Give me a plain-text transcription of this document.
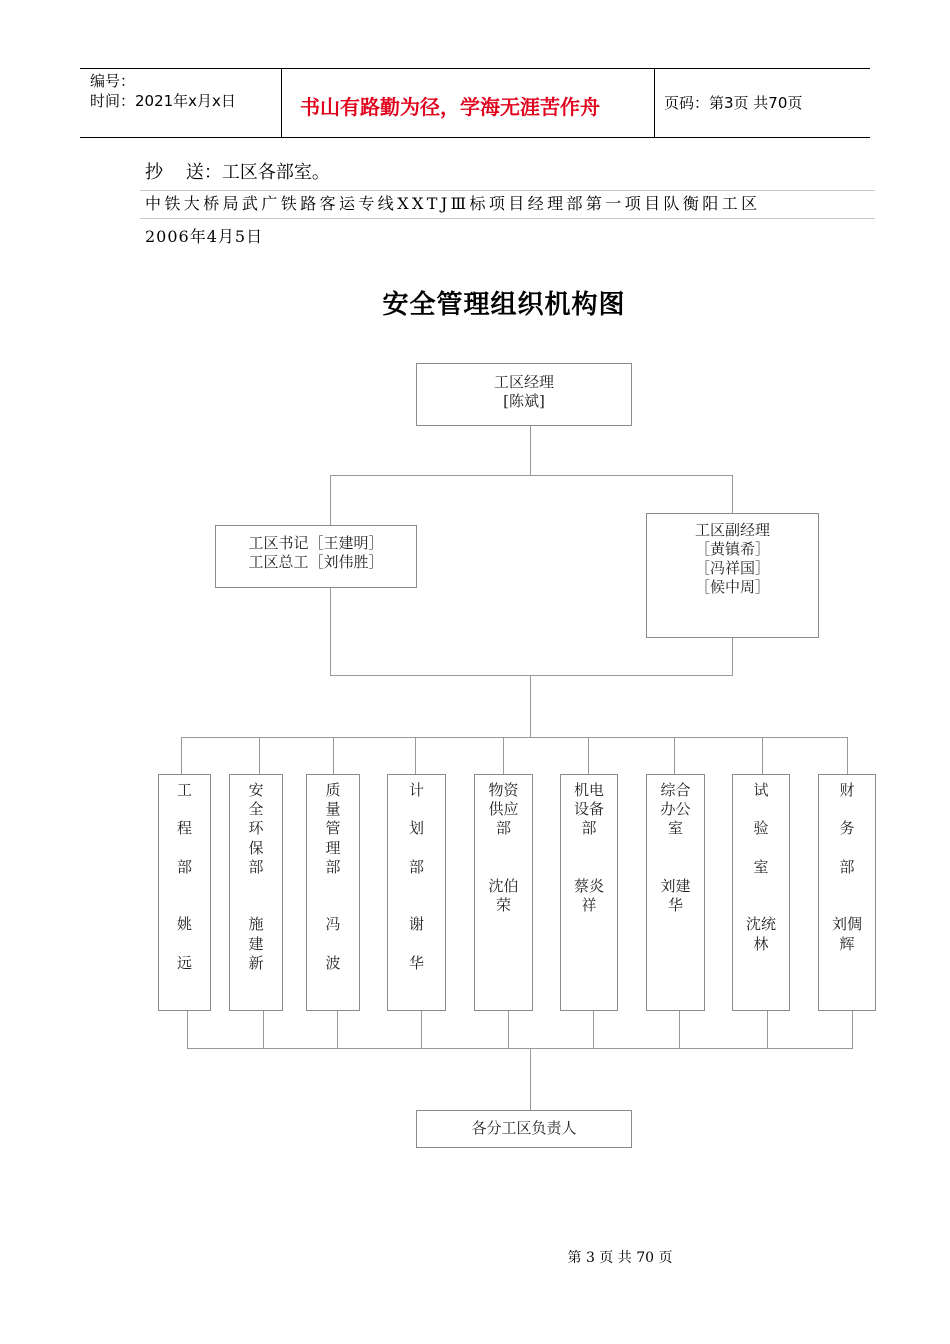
编号：
时间：2021年x月x日	书山有路勤为径，学海无涯苦作舟	页码：第3页 共70页
抄    送：工区各部室。
中铁大桥局武广铁路客运专线XXTJⅢ标项目经理部第一项目队衡阳工区
2006年4月5日
安全管理组织机构图
工区经理
[陈斌]
工区书记［王建明］
工区总工［刘伟胜］
工区副经理
［黄镇希］
［冯祥国］
［候中周］
工
程
部
姚
远
安
全
环
保
部
施
建
新
质
量
管
理
部
冯
波
计
划
部
谢
华
物资
供应
部
沈伯
荣
机电
设备
部
蔡炎
祥
综合
办公
室
刘建
华
试
验
室
沈统
林
财
务
部
刘倜
辉
各分工区负责人
第 3 页 共 70 页
